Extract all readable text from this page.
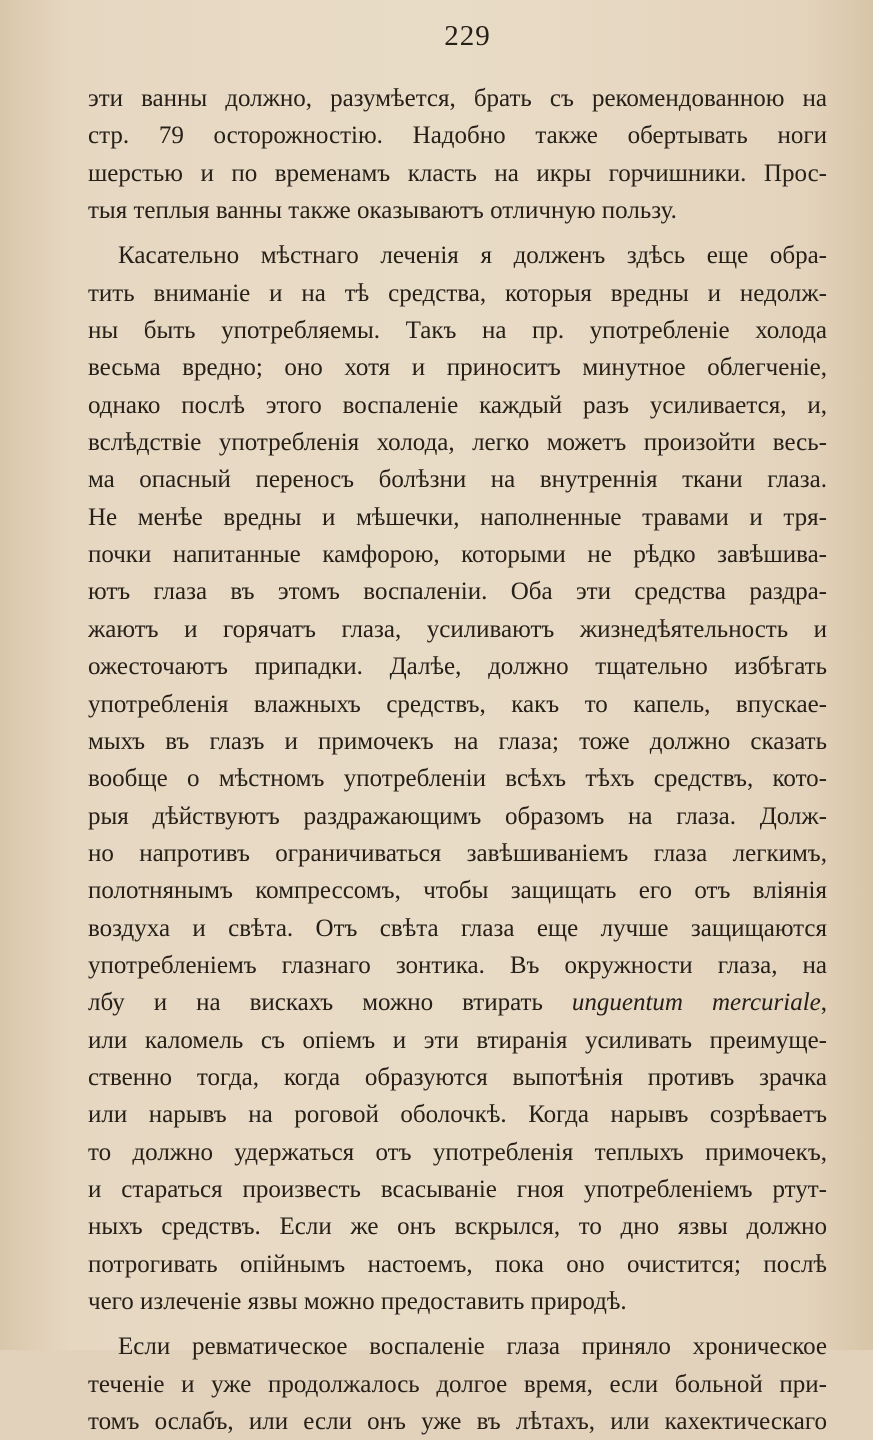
229
эти ванны должно, разумѣется, брать съ рекомендованною на
стр. 79 осторожностію. Надобно также обертывать ноги
шерстью и по временамъ класть на икры горчишники. Прос-
тыя теплыя ванны также оказываютъ отличную пользу.
Касательно мѣстнаго леченія я долженъ здѣсь еще обра-
тить вниманіе и на тѣ средства, которыя вредны и недолж-
ны быть употребляемы. Такъ на пр. употребленіе холода
весьма вредно; оно хотя и приноситъ минутное облегченіе,
однако послѣ этого воспаленіе каждый разъ усиливается, и,
вслѣдствіе употребленія холода, легко можетъ произойти весь-
ма опасный переносъ болѣзни на внутреннія ткани глаза.
Не менѣе вредны и мѣшечки, наполненные травами и тря-
почки напитанные камфорою, которыми не рѣдко завѣшива-
ютъ глаза въ этомъ воспаленіи. Оба эти средства раздра-
жаютъ и горячатъ глаза, усиливаютъ жизнедѣятельность и
ожесточаютъ припадки. Далѣе, должно тщательно избѣгать
употребленія влажныхъ средствъ, какъ то капель, впускае-
мыхъ въ глазъ и примочекъ на глаза; тоже должно сказать
вообще о мѣстномъ употребленіи всѣхъ тѣхъ средствъ, кото-
рыя дѣйствуютъ раздражающимъ образомъ на глаза. Долж-
но напротивъ ограничиваться завѣшиваніемъ глаза легкимъ,
полотнянымъ компрессомъ, чтобы защищать его отъ вліянія
воздуха и свѣта. Отъ свѣта глаза еще лучше защищаются
употребленіемъ глазнаго зонтика. Въ окружности глаза, на
лбу и на вискахъ можно втирать unguentum mercuriale,
или каломель съ опіемъ и эти втиранія усиливать преимуще-
ственно тогда, когда образуются выпотѣнія противъ зрачка
или нарывъ на роговой оболочкѣ. Когда нарывъ созрѣваетъ
то должно удержаться отъ употребленія теплыхъ примочекъ,
и стараться произвесть всасываніе гноя употребленіемъ ртут-
ныхъ средствъ. Если же онъ вскрылся, то дно язвы должно
потрогивать опійнымъ настоемъ, пока оно очистится; послѣ
чего излеченіе язвы можно предоставить природѣ.
Если ревматическое воспаленіе глаза приняло хроническое
теченіе и уже продолжалось долгое время, если больной при-
томъ ослабъ, или если онъ уже въ лѣтахъ, или кахектическаго
